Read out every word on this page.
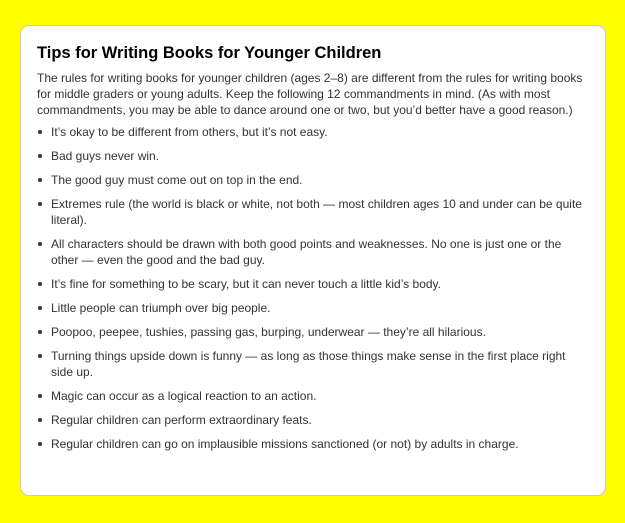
Tips for Writing Books for Younger Children

The rules for writing books for younger children (ages 2–8) are different from the rules for writing books for middle graders or young adults. Keep the following 12 commandments in mind. (As with most commandments, you may be able to dance around one or two, but you’d better have a good reason.)

It’s okay to be different from others, but it’s not easy.
Bad guys never win.
The good guy must come out on top in the end.
Extremes rule (the world is black or white, not both — most children ages 10 and under can be quite literal).
All characters should be drawn with both good points and weaknesses. No one is just one or the other — even the good and the bad guy.
It’s fine for something to be scary, but it can never touch a little kid’s body.
Little people can triumph over big people.
Poopoo, peepee, tushies, passing gas, burping, underwear — they’re all hilarious.
Turning things upside down is funny — as long as those things make sense in the first place right side up.
Magic can occur as a logical reaction to an action.
Regular children can perform extraordinary feats.
Regular children can go on implausible missions sanctioned (or not) by adults in charge.
